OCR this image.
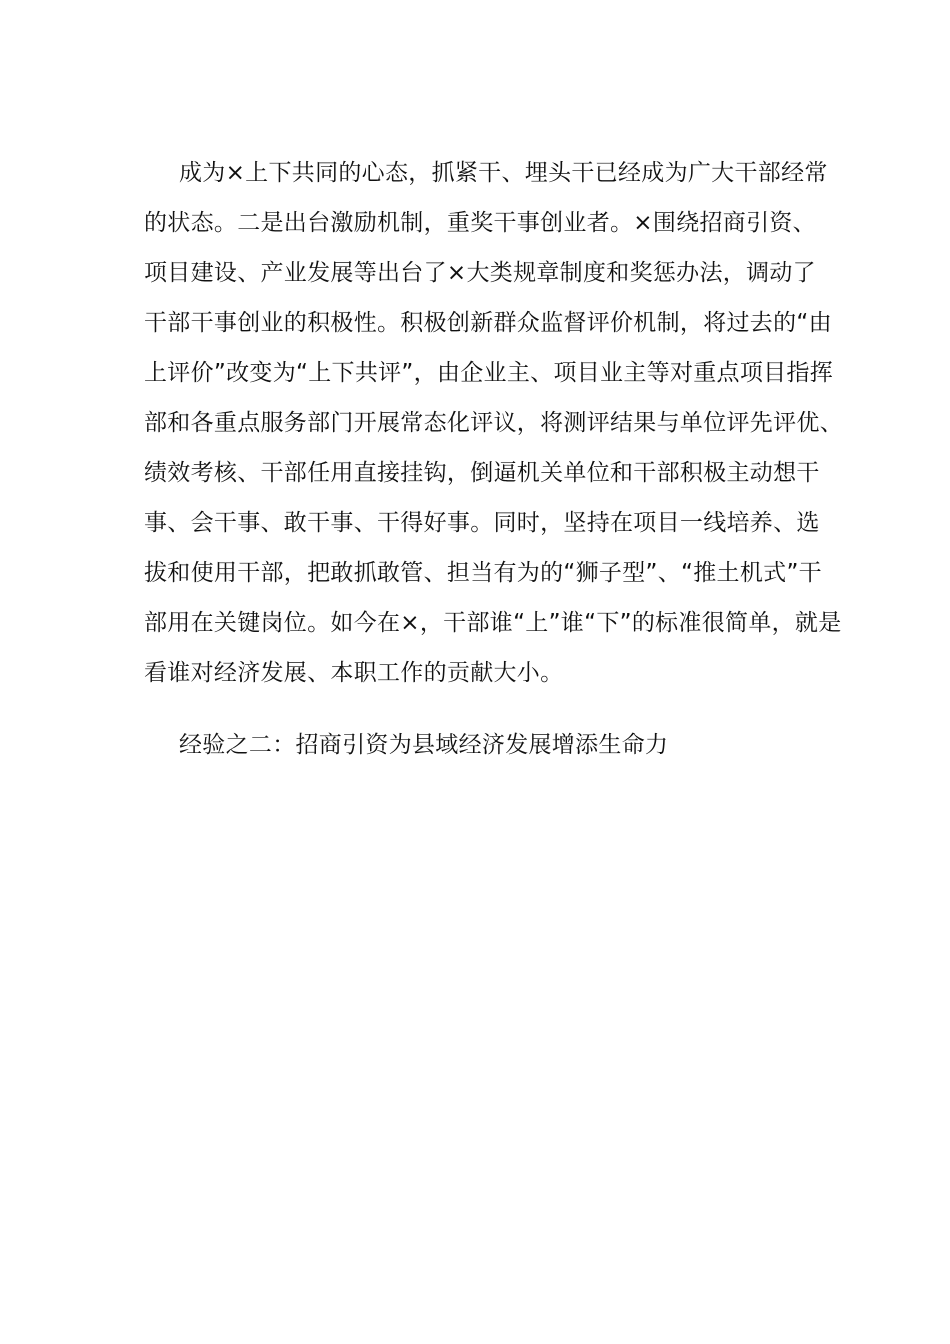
成为×上下共同的心态，抓紧干、埋头干已经成为广大干部经常
的状态。二是出台激励机制，重奖干事创业者。×围绕招商引资、
项目建设、产业发展等出台了×大类规章制度和奖惩办法，调动了
干部干事创业的积极性。积极创新群众监督评价机制，将过去的“由
上评价”改变为“上下共评”，由企业主、项目业主等对重点项目指挥
部和各重点服务部门开展常态化评议，将测评结果与单位评先评优、
绩效考核、干部任用直接挂钩，倒逼机关单位和干部积极主动想干
事、会干事、敢干事、干得好事。同时，坚持在项目一线培养、选
拔和使用干部，把敢抓敢管、担当有为的“狮子型”、“推土机式”干
部用在关键岗位。如今在×，干部谁“上”谁“下”的标准很简单，就是
看谁对经济发展、本职工作的贡献大小。
经验之二：招商引资为县域经济发展增添生命力
